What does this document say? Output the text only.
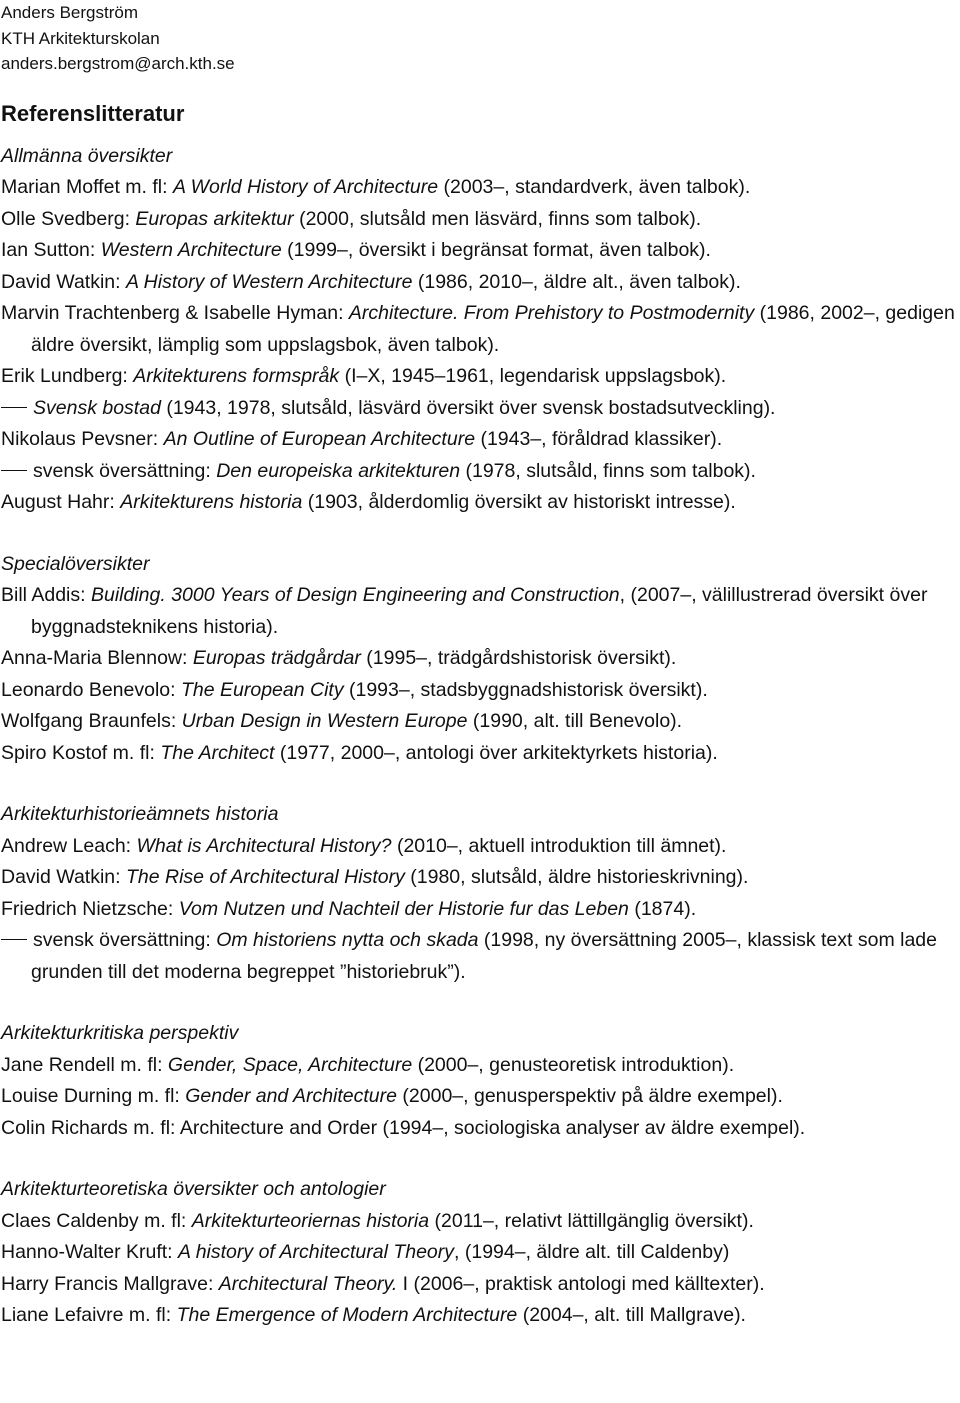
Anders Bergström
KTH Arkitekturskolan
anders.bergstrom@arch.kth.se
Referenslitteratur
Allmänna översikter
Marian Moffet m. fl: A World History of Architecture (2003–, standardverk, även talbok).
Olle Svedberg: Europas arkitektur (2000, slutsåld men läsvärd, finns som talbok).
Ian Sutton: Western Architecture (1999–, översikt i begränsat format, även talbok).
David Watkin: A History of Western Architecture (1986, 2010–, äldre alt., även talbok).
Marvin Trachtenberg & Isabelle Hyman: Architecture. From Prehistory to Postmodernity (1986, 2002–, gedigen äldre översikt, lämplig som uppslagsbok, även talbok).
Erik Lundberg: Arkitekturens formspråk (I–X, 1945–1961, legendarisk uppslagsbok).
Svensk bostad (1943, 1978, slutsåld, läsvärd översikt över svensk bostadsutveckling).
Nikolaus Pevsner: An Outline of European Architecture (1943–, föråldrad klassiker).
svensk översättning: Den europeiska arkitekturen (1978, slutsåld, finns som talbok).
August Hahr: Arkitekturens historia (1903, ålderdomlig översikt av historiskt intresse).
Specialöversikter
Bill Addis: Building. 3000 Years of Design Engineering and Construction, (2007–, välillustrerad översikt över byggnadsteknikens historia).
Anna-Maria Blennow: Europas trädgårdar (1995–, trädgårdshistorisk översikt).
Leonardo Benevolo: The European City (1993–, stadsbyggnadshistorisk översikt).
Wolfgang Braunfels: Urban Design in Western Europe (1990, alt. till Benevolo).
Spiro Kostof m. fl: The Architect (1977, 2000–, antologi över arkitektyrkets historia).
Arkitekturhistorieämnets historia
Andrew Leach: What is Architectural History? (2010–, aktuell introduktion till ämnet).
David Watkin: The Rise of Architectural History (1980, slutsåld, äldre historieskrivning).
Friedrich Nietzsche: Vom Nutzen und Nachteil der Historie fur das Leben (1874).
svensk översättning: Om historiens nytta och skada (1998, ny översättning 2005–, klassisk text som lade grunden till det moderna begreppet ”historiebruk”).
Arkitekturkritiska perspektiv
Jane Rendell m. fl: Gender, Space, Architecture (2000–, genusteoretisk introduktion).
Louise Durning m. fl: Gender and Architecture (2000–, genusperspektiv på äldre exempel).
Colin Richards m. fl: Architecture and Order (1994–, sociologiska analyser av äldre exempel).
Arkitekturteoretiska översikter och antologier
Claes Caldenby m. fl: Arkitekturteoriernas historia (2011–, relativt lättillgänglig översikt).
Hanno-Walter Kruft: A history of Architectural Theory, (1994–, äldre alt. till Caldenby)
Harry Francis Mallgrave: Architectural Theory. I (2006–, praktisk antologi med källtexter).
Liane Lefaivre m. fl: The Emergence of Modern Architecture (2004–, alt. till Mallgrave).
